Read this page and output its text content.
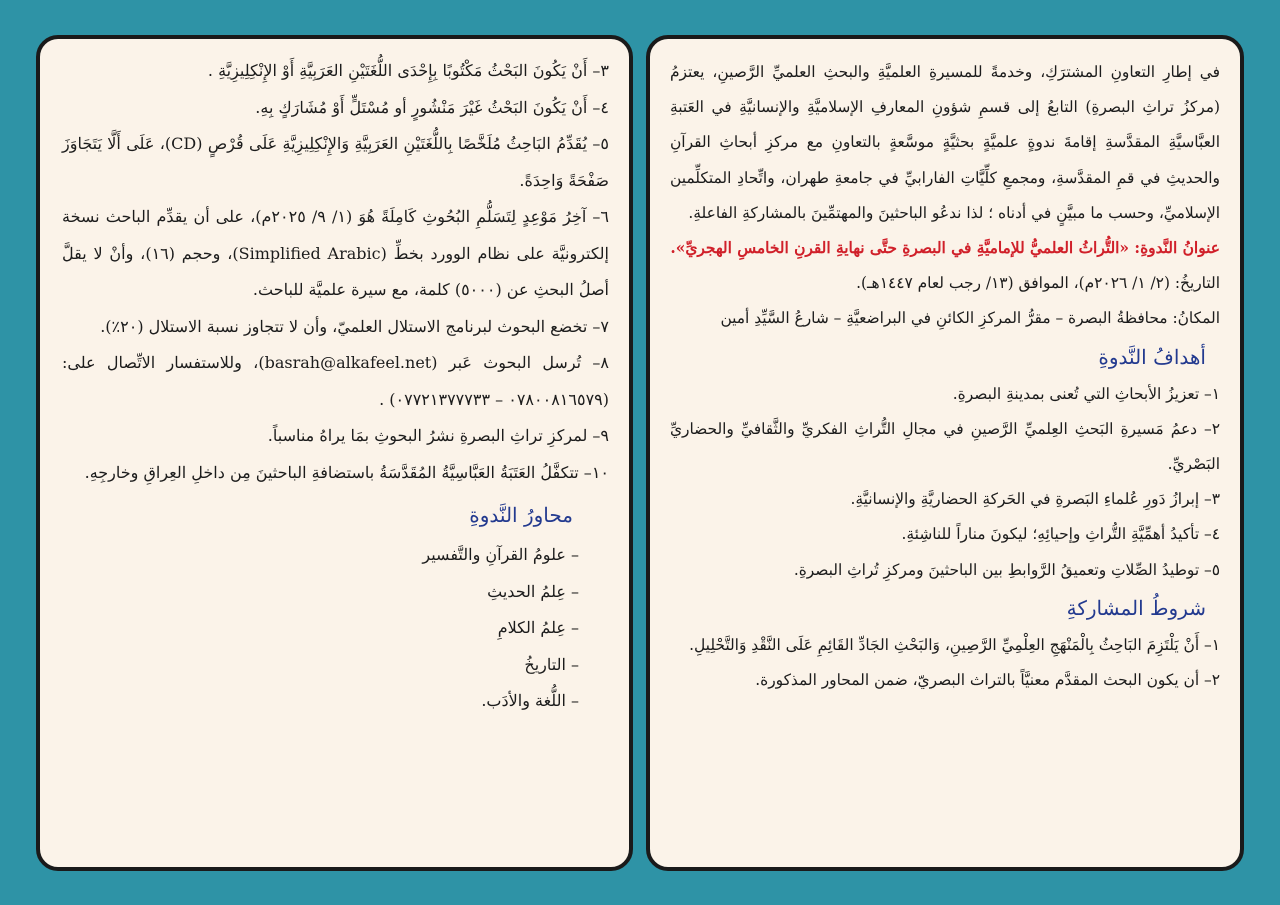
في إطارِ التعاونِ المشترَكِ، وخدمةً للمسيرةِ العلميَّةِ والبحثِ العلميِّ الرَّصينِ، يعتزمُ (مركزُ تراثِ البصرةِ) التابعُ إلى قسمِ شؤونِ المعارفِ الإسلاميَّةِ والإنسانيَّةِ في العَتبةِ العبَّاسيَّةِ المقدَّسةِ إقامةَ ندوةٍ علميَّةٍ بحثيَّةٍ موسَّعةٍ بالتعاونِ مع مركزِ أبحاثِ القرآنِ والحديثِ في قمِ المقدَّسةِ، ومجمعِ كلِّيَّاتِ الفارابيِّ في جامعةِ طهران، واتِّحادِ المتكلِّمين الإسلاميِّ، وحسب ما مبيَّنٍ في أدناه ؛ لذا ندعُو الباحثينَ والمهتمِّينَ بالمشاركةِ الفاعلةِ.

عنوانُ النَّدوةِ: «التُّراثُ العلميُّ للإماميَّةِ في البصرةِ حتَّى نهايةِ القرنِ الخامسِ الهجريِّ».

التاريخُ: (٢/ ١/ ٢٠٢٦م)، الموافق (١٣/ رجب لعام ١٤٤٧هـ).

المكانُ: محافظةُ البصرة – مقرُّ المركزِ الكائنِ في البراضعيَّةِ – شارعُ السَّيِّدِ أمين

أهدافُ النَّدوةِ

١– تعزيزُ الأبحاثِ التي تُعنى بمدينةِ البصرةِ.

٢– دعمُ مَسيرةِ البَحثِ العِلميِّ الرَّصينِ في مجالِ التُّراثِ الفكريِّ والثَّقافيِّ والحضاريِّ البَصْريِّ.

٣– إبرازُ دَورِ عُلماءِ البَصرةِ في الحَركةِ الحضاريَّةِ والإنسانيَّةِ.

٤– تأكيدُ أهمِّيَّةِ التُّراثِ وإحيائِهِ؛ ليكونَ مناراً للناشِئةِ.

٥– توطيدُ الصِّلاتِ وتعميقُ الرَّوابطِ بين الباحثينَ ومركزِ تُراثِ البصرةِ.

شروطُ المشاركةِ

١– أَنْ يَلْتَزِمَ البَاحِثُ بِالْمَنْهَجِ العِلْمِيِّ الرَّصِينِ، وَالبَحْثِ الجَادِّ القَائِمِ عَلَى النَّقْدِ وَالتَّحْلِيلِ.

٢– أن يكون البحث المقدَّم معنيَّاً بالتراث البصريّ، ضمن المحاور المذكورة.

٣– أَنْ يَكُونَ البَحْثُ مَكْتُوبًا بِإِحْدَى اللُّغَتَيْنِ العَرَبِيَّةِ أَوْ الإِنْكِلِيزِيَّةِ .

٤– أَنْ يَكُونَ البَحْثُ غَيْرَ مَنْشُورٍ أو مُسْتَلٍّ أَوْ مُشَارَكٍ بِهِ.

٥– يُقَدِّمُ البَاحِثُ مُلَخَّصًا بِاللُّغَتَيْنِ العَرَبِيَّةِ وَالإِنْكِلِيزِيَّةِ عَلَى قُرْصٍ (CD)، عَلَى أَلَّا يَتَجَاوَزَ صَفْحَةً وَاحِدَةً.

٦– آخِرُ مَوْعِدٍ لِتَسَلُّمِ البُحُوثِ كَامِلَةً هُوَ (١/ ٩/ ٢٠٢٥م)، على أن يقدِّم الباحث نسخة إلكترونيَّة على نظام الوورد بخطِّ (Simplified Arabic)، وحجم (١٦)، وأنْ لا يقلَّ أصلُ البحثِ عن (٥٠٠٠) كلمة، مع سيرة علميَّة للباحث.

٧– تخضع البحوث لبرنامج الاستلال العلميّ، وأن لا تتجاوز نسبة الاستلال (٢٠٪).

٨– تُرسل البحوث عَبر (basrah@alkafeel.net)، وللاستفسار الاتِّصال على: (٠٧٨٠٠٨١٦٥٧٩ – ٠٧٧٢١٣٧٧٧٣٣) .

٩– لمركزِ تراثِ البصرةِ نشرُ البحوثِ بمَا يراهُ مناسباً.

١٠– تتكفَّلُ العَتَبَةُ العَبَّاسِيَّةُ المُقَدَّسَةُ باستضافةِ الباحثينَ مِن داخلِ العِراقِ وخارجِهِ.

محاورُ النَّدوةِ
– علومُ القرآنِ والتَّفسير
– عِلمُ الحديثِ
– عِلمُ الكلامِ
– التاريخُ
– اللُّغة والأدَب.
